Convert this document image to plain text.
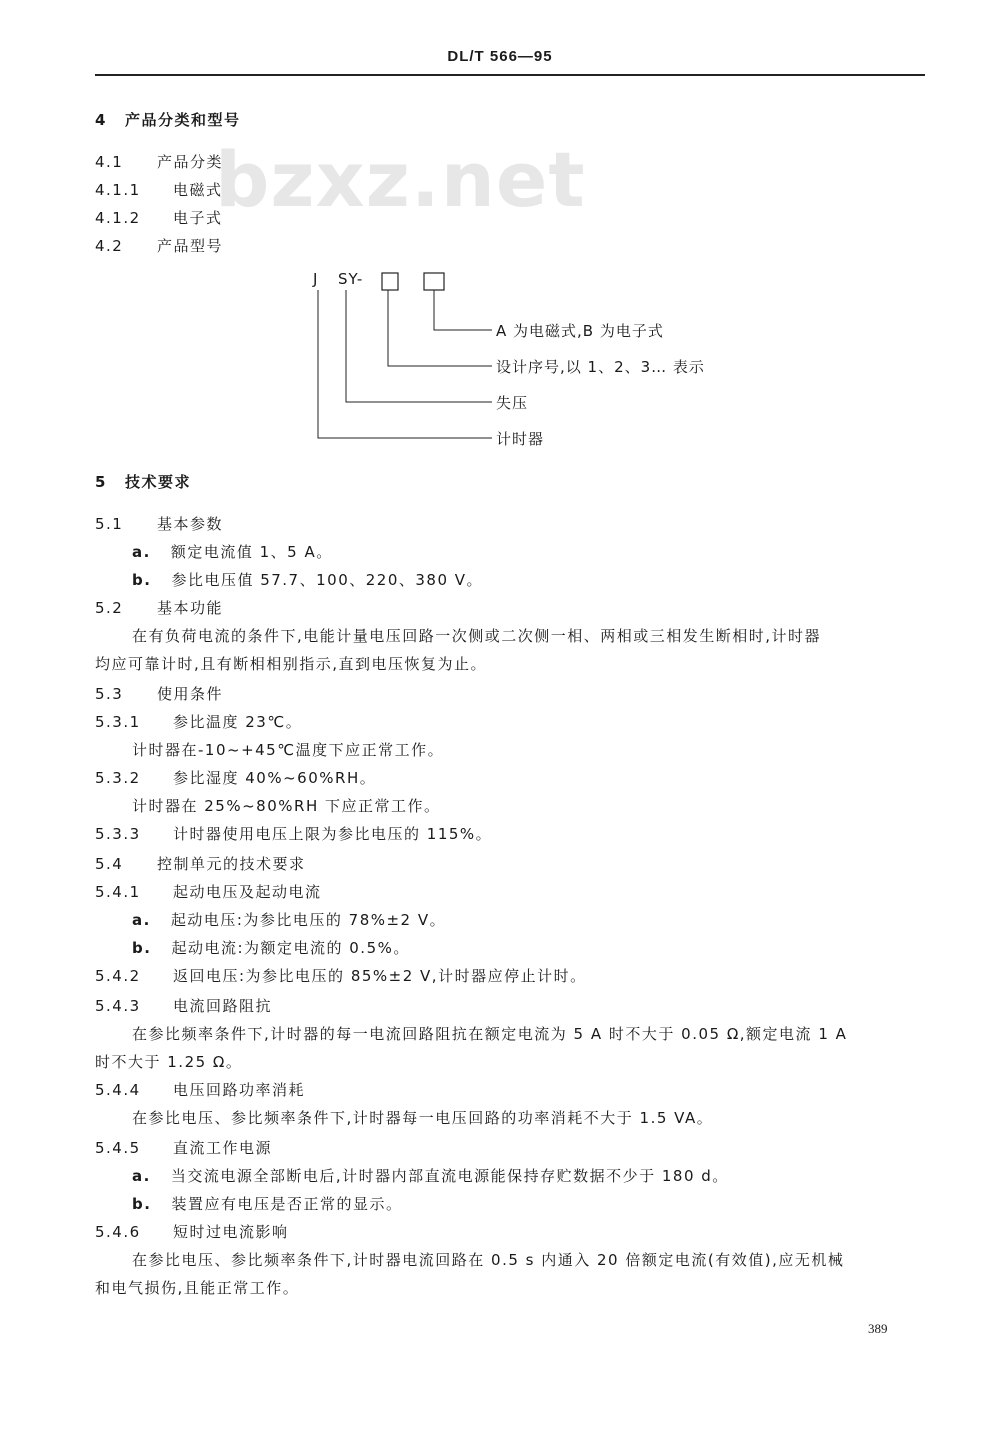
DL/T 566—95
bzxz.net
4 产品分类和型号
4.1 产品分类
4.1.1 电磁式
4.1.2 电子式
4.2 产品型号
J SY-
A 为电磁式,B 为电子式
设计序号,以 1、2、3… 表示
失压
计时器
5 技术要求
5.1 基本参数
a. 额定电流值 1、5 A。
b. 参比电压值 57.7、100、220、380 V。
5.2 基本功能
在有负荷电流的条件下,电能计量电压回路一次侧或二次侧一相、两相或三相发生断相时,计时器
均应可靠计时,且有断相相别指示,直到电压恢复为止。
5.3 使用条件
5.3.1 参比温度 23℃。
计时器在-10~+45℃温度下应正常工作。
5.3.2 参比湿度 40%~60%RH。
计时器在 25%~80%RH 下应正常工作。
5.3.3 计时器使用电压上限为参比电压的 115%。
5.4 控制单元的技术要求
5.4.1 起动电压及起动电流
a. 起动电压:为参比电压的 78%±2 V。
b. 起动电流:为额定电流的 0.5%。
5.4.2 返回电压:为参比电压的 85%±2 V,计时器应停止计时。
5.4.3 电流回路阻抗
在参比频率条件下,计时器的每一电流回路阻抗在额定电流为 5 A 时不大于 0.05 Ω,额定电流 1 A
时不大于 1.25 Ω。
5.4.4 电压回路功率消耗
在参比电压、参比频率条件下,计时器每一电压回路的功率消耗不大于 1.5 VA。
5.4.5 直流工作电源
a. 当交流电源全部断电后,计时器内部直流电源能保持存贮数据不少于 180 d。
b. 装置应有电压是否正常的显示。
5.4.6 短时过电流影响
在参比电压、参比频率条件下,计时器电流回路在 0.5 s 内通入 20 倍额定电流(有效值),应无机械
和电气损伤,且能正常工作。
389
